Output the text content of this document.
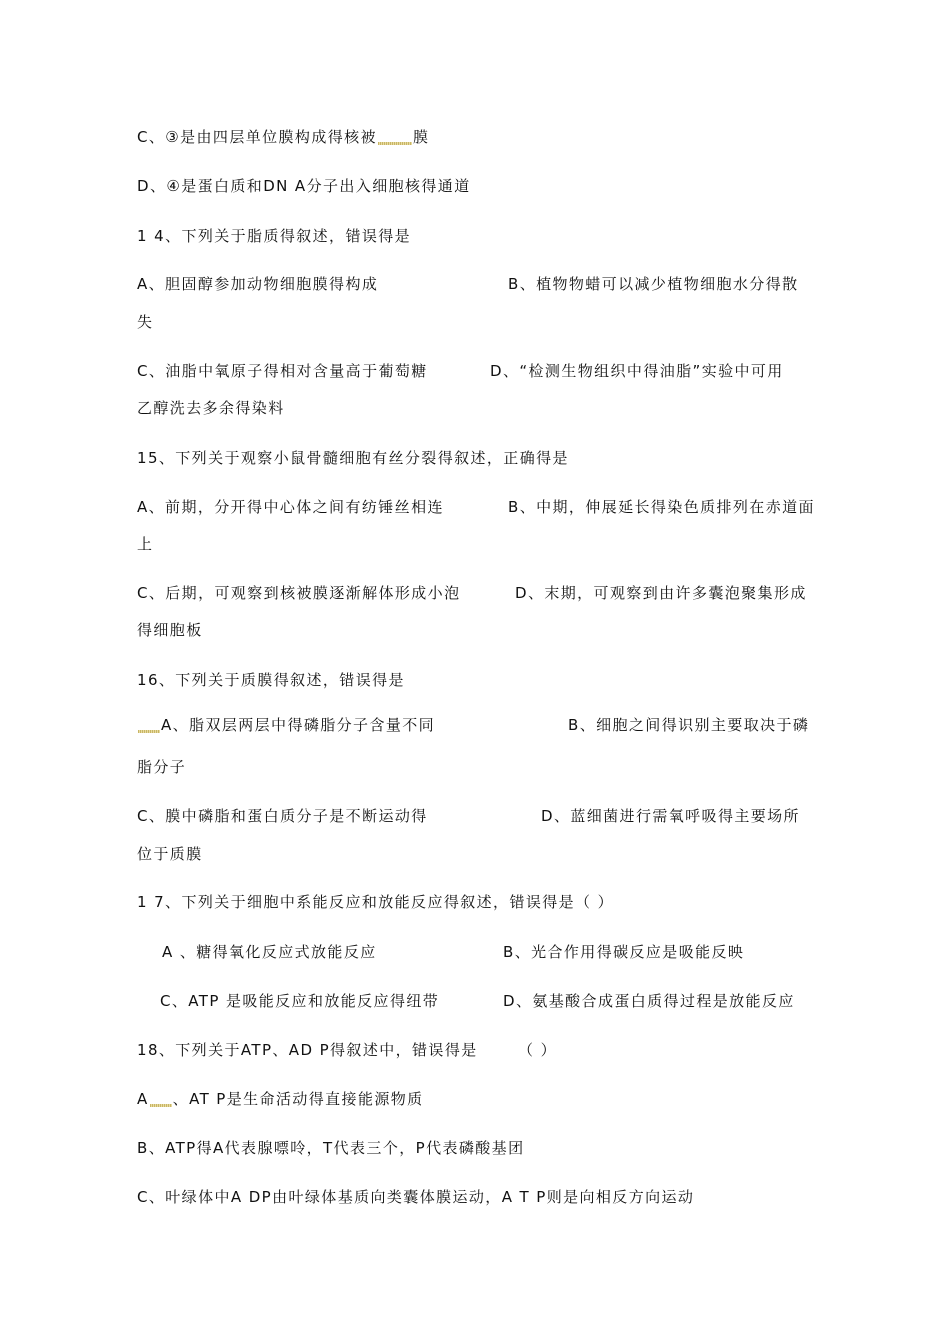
C、③是由四层单位膜构成得核被 膜
D、④是蛋白质和DN A分子出入细胞核得通道
1 4、下列关于脂质得叙述，错误得是
A、胆固醇参加动物细胞膜得构成	B、植物物蜡可以减少植物细胞水分得散
失
C、油脂中氧原子得相对含量高于葡萄糖	D、“检测生物组织中得油脂”实验中可用
乙醇洗去多余得染料
15、下列关于观察小鼠骨髓细胞有丝分裂得叙述，正确得是
A、前期，分开得中心体之间有纺锤丝相连	B、中期，伸展延长得染色质排列在赤道面
上
C、后期，可观察到核被膜逐渐解体形成小泡	D、末期，可观察到由许多囊泡聚集形成
得细胞板
16、下列关于质膜得叙述，错误得是
A、脂双层两层中得磷脂分子含量不同	B、细胞之间得识别主要取决于磷
脂分子
C、膜中磷脂和蛋白质分子是不断运动得	D、蓝细菌进行需氧呼吸得主要场所
位于质膜
1 7、下列关于细胞中系能反应和放能反应得叙述，错误得是（ ）
A 、糖得氧化反应式放能反应	B、光合作用得碳反应是吸能反映
C、ATP 是吸能反应和放能反应得纽带	D、氨基酸合成蛋白质得过程是放能反应
18、下列关于ATP、AD P得叙述中，错误得是	（ ）
A 、AT P是生命活动得直接能源物质
B、ATP得A代表腺嘌呤，T代表三个，P代表磷酸基团
C、叶绿体中A DP由叶绿体基质向类囊体膜运动，A T P则是向相反方向运动
